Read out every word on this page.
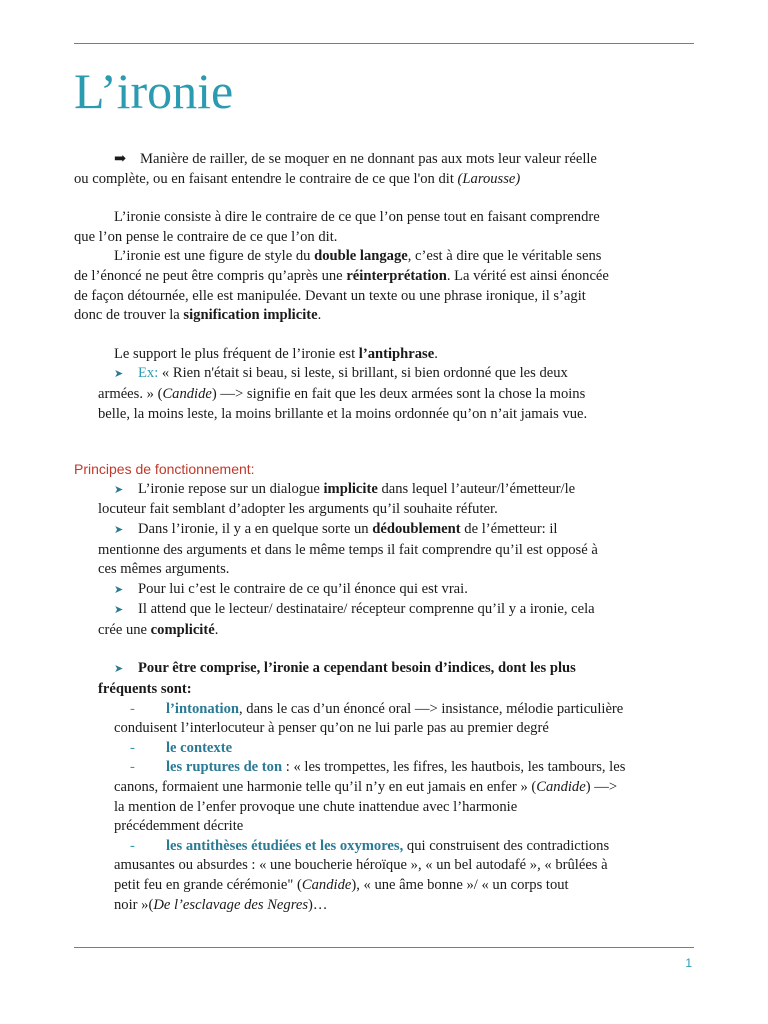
L’ironie

➡ Manière de railler, de se moquer en ne donnant pas aux mots leur valeur réelle
ou complète, ou en faisant entendre le contraire de ce que l'on dit (Larousse)

L’ironie consiste à dire le contraire de ce que l’on pense tout en faisant comprendre
que l’on pense le contraire de ce que l’on dit.

L’ironie est une figure de style du double langage, c’est à dire que le véritable sens
de l’énoncé ne peut être compris qu’après une réinterprétation. La vérité est ainsi énoncée
de façon détournée, elle est manipulée. Devant un texte ou une phrase ironique, il s’agit
donc de trouver la signification implicite.

Le support le plus fréquent de l’ironie est l’antiphrase.

➤ Ex: « Rien n'était si beau, si leste, si brillant, si bien ordonné que les deux
armées. » (Candide) —> signifie en fait que les deux armées sont la chose la moins
belle, la moins leste, la moins brillante et la moins ordonnée qu’on n’ait jamais vue.

Principes de fonctionnement:

➤ L’ironie repose sur un dialogue implicite dans lequel l’auteur/l’émetteur/le
locuteur fait semblant d’adopter les arguments qu’il souhaite réfuter.

➤ Dans l’ironie, il y a en quelque sorte un dédoublement de l’émetteur: il
mentionne des arguments et dans le même temps il fait comprendre qu’il est opposé à
ces mêmes arguments.

➤ Pour lui c’est le contraire de ce qu’il énonce qui est vrai.

➤ Il attend que le lecteur/ destinataire/ récepteur comprenne qu’il y a ironie, cela
crée une complicité.

➤ Pour être comprise, l’ironie a cependant besoin d’indices, dont les plus
fréquents sont:

- l’intonation, dans le cas d’un énoncé oral —> insistance, mélodie particulière
conduisent l’interlocuteur à penser qu’on ne lui parle pas au premier degré

- le contexte

- les ruptures de ton : « les trompettes, les fifres, les hautbois, les tambours, les
canons, formaient une harmonie telle qu’il n’y en eut jamais en enfer » (Candide) —>
la mention de l’enfer provoque une chute inattendue avec l’harmonie
précédemment décrite

- les antithèses étudiées et les oxymores, qui construisent des contradictions
amusantes ou absurdes : « une boucherie héroïque », « un bel autodafé », « brûlées à
petit feu en grande cérémonie" (Candide), « une âme bonne »/ « un corps tout
noir »(De l’esclavage des Negres)…

1
